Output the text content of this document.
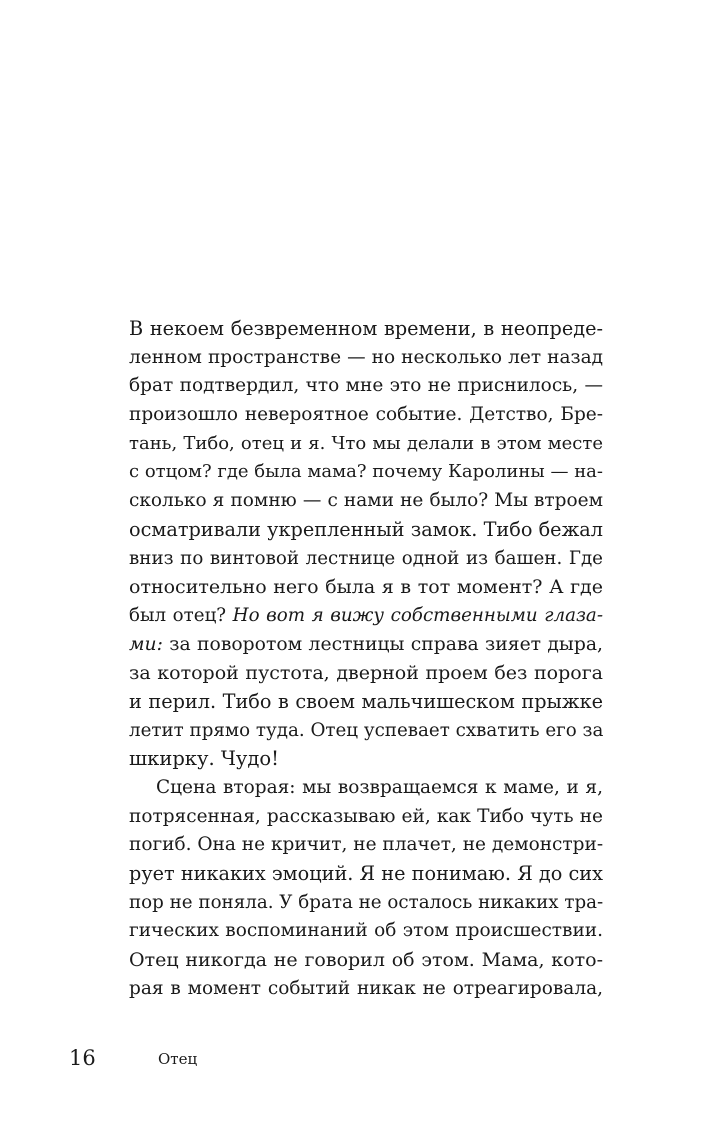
В некоем безвременном времени, в неопреде-
ленном пространстве — но несколько лет назад
брат подтвердил, что мне это не приснилось, —
произошло невероятное событие. Детство, Бре-
тань, Тибо, отец и я. Что мы делали в этом месте
с отцом? где была мама? почему Каролины — на-
сколько я помню — с нами не было? Мы втроем
осматривали укрепленный замок. Тибо бежал
вниз по винтовой лестнице одной из башен. Где
относительно него была я в тот момент? А где
был отец? Но вот я вижу собственными глаза-
ми: за поворотом лестницы справа зияет дыра,
за которой пустота, дверной проем без порога
и перил. Тибо в своем мальчишеском прыжке
летит прямо туда. Отец успевает схватить его за
шкирку. Чудо!
Сцена вторая: мы возвращаемся к маме, и я,
потрясенная, рассказываю ей, как Тибо чуть не
погиб. Она не кричит, не плачет, не демонстри-
рует никаких эмоций. Я не понимаю. Я до сих
пор не поняла. У брата не осталось никаких тра-
гических воспоминаний об этом происшествии.
Отец никогда не говорил об этом. Мама, кото-
рая в момент событий никак не отреагировала,
16	Отец
